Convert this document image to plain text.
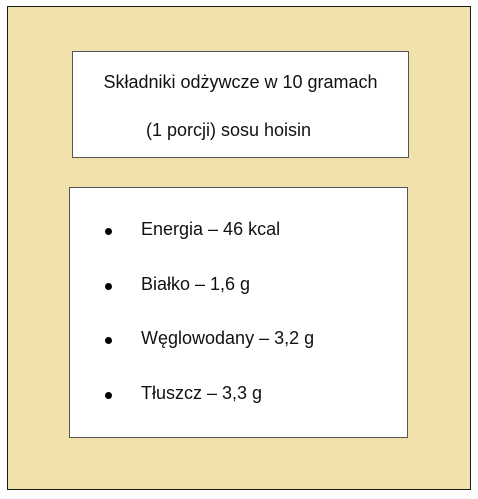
Składniki odżywcze w 10 gramach
(1 porcji) sosu hoisin
Energia – 46 kcal
Białko – 1,6 g
Węglowodany – 3,2 g
Tłuszcz – 3,3 g
